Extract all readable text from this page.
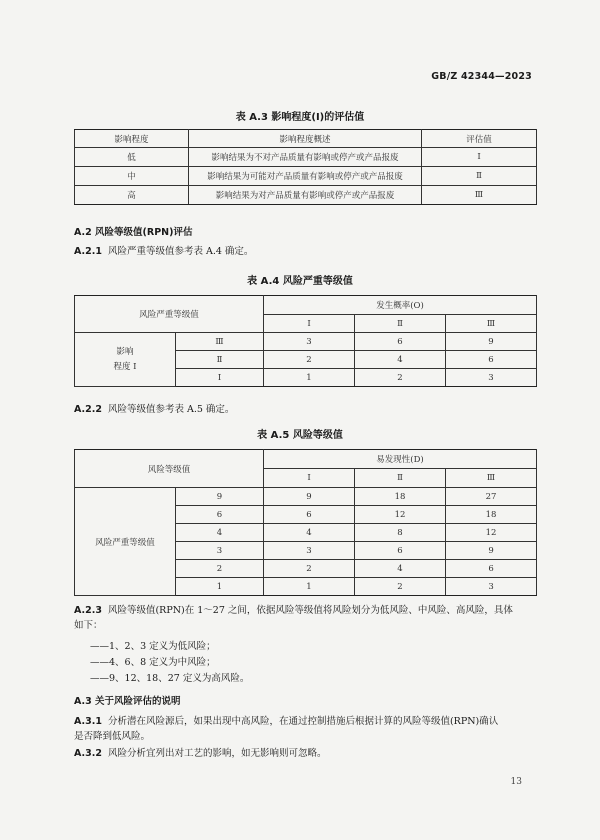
GB/Z 42344—2023
表 A.3 影响程度(I)的评估值
影响程度	影响程度概述	评估值
低	影响结果为不对产品质量有影响或停产或产品报废	Ⅰ
中	影响结果为可能对产品质量有影响或停产或产品报废	Ⅱ
高	影响结果为对产品质量有影响或停产或产品报废	Ⅲ
A.2 风险等级值(RPN)评估
A.2.1 风险严重等级值参考表 A.4 确定。
表 A.4 风险严重等级值
风险严重等级值		发生概率(O)		
		Ⅰ	Ⅱ	Ⅲ

影响
程度 I	Ⅲ	3	6	9
	Ⅱ	2	4	6
	Ⅰ	1	2	3
A.2.2 风险等级值参考表 A.5 确定。
表 A.5 风险等级值
风险等级值		易发现性(D)		
		Ⅰ	Ⅱ	Ⅲ
风险严重等级值	9	9	18	27
	6	6	12	18
	4	4	8	12
	3	3	6	9
	2	2	4	6
	1	1	2	3
A.2.3 风险等级值(RPN)在 1～27 之间，依据风险等级值将风险划分为低风险、中风险、高风险，具体
如下：
——1、2、3 定义为低风险；
——4、6、8 定义为中风险；
——9、12、18、27 定义为高风险。
A.3 关于风险评估的说明
A.3.1 分析潜在风险源后，如果出现中高风险，在通过控制措施后根据计算的风险等级值(RPN)确认
是否降到低风险。
A.3.2 风险分析宜列出对工艺的影响，如无影响则可忽略。
13
